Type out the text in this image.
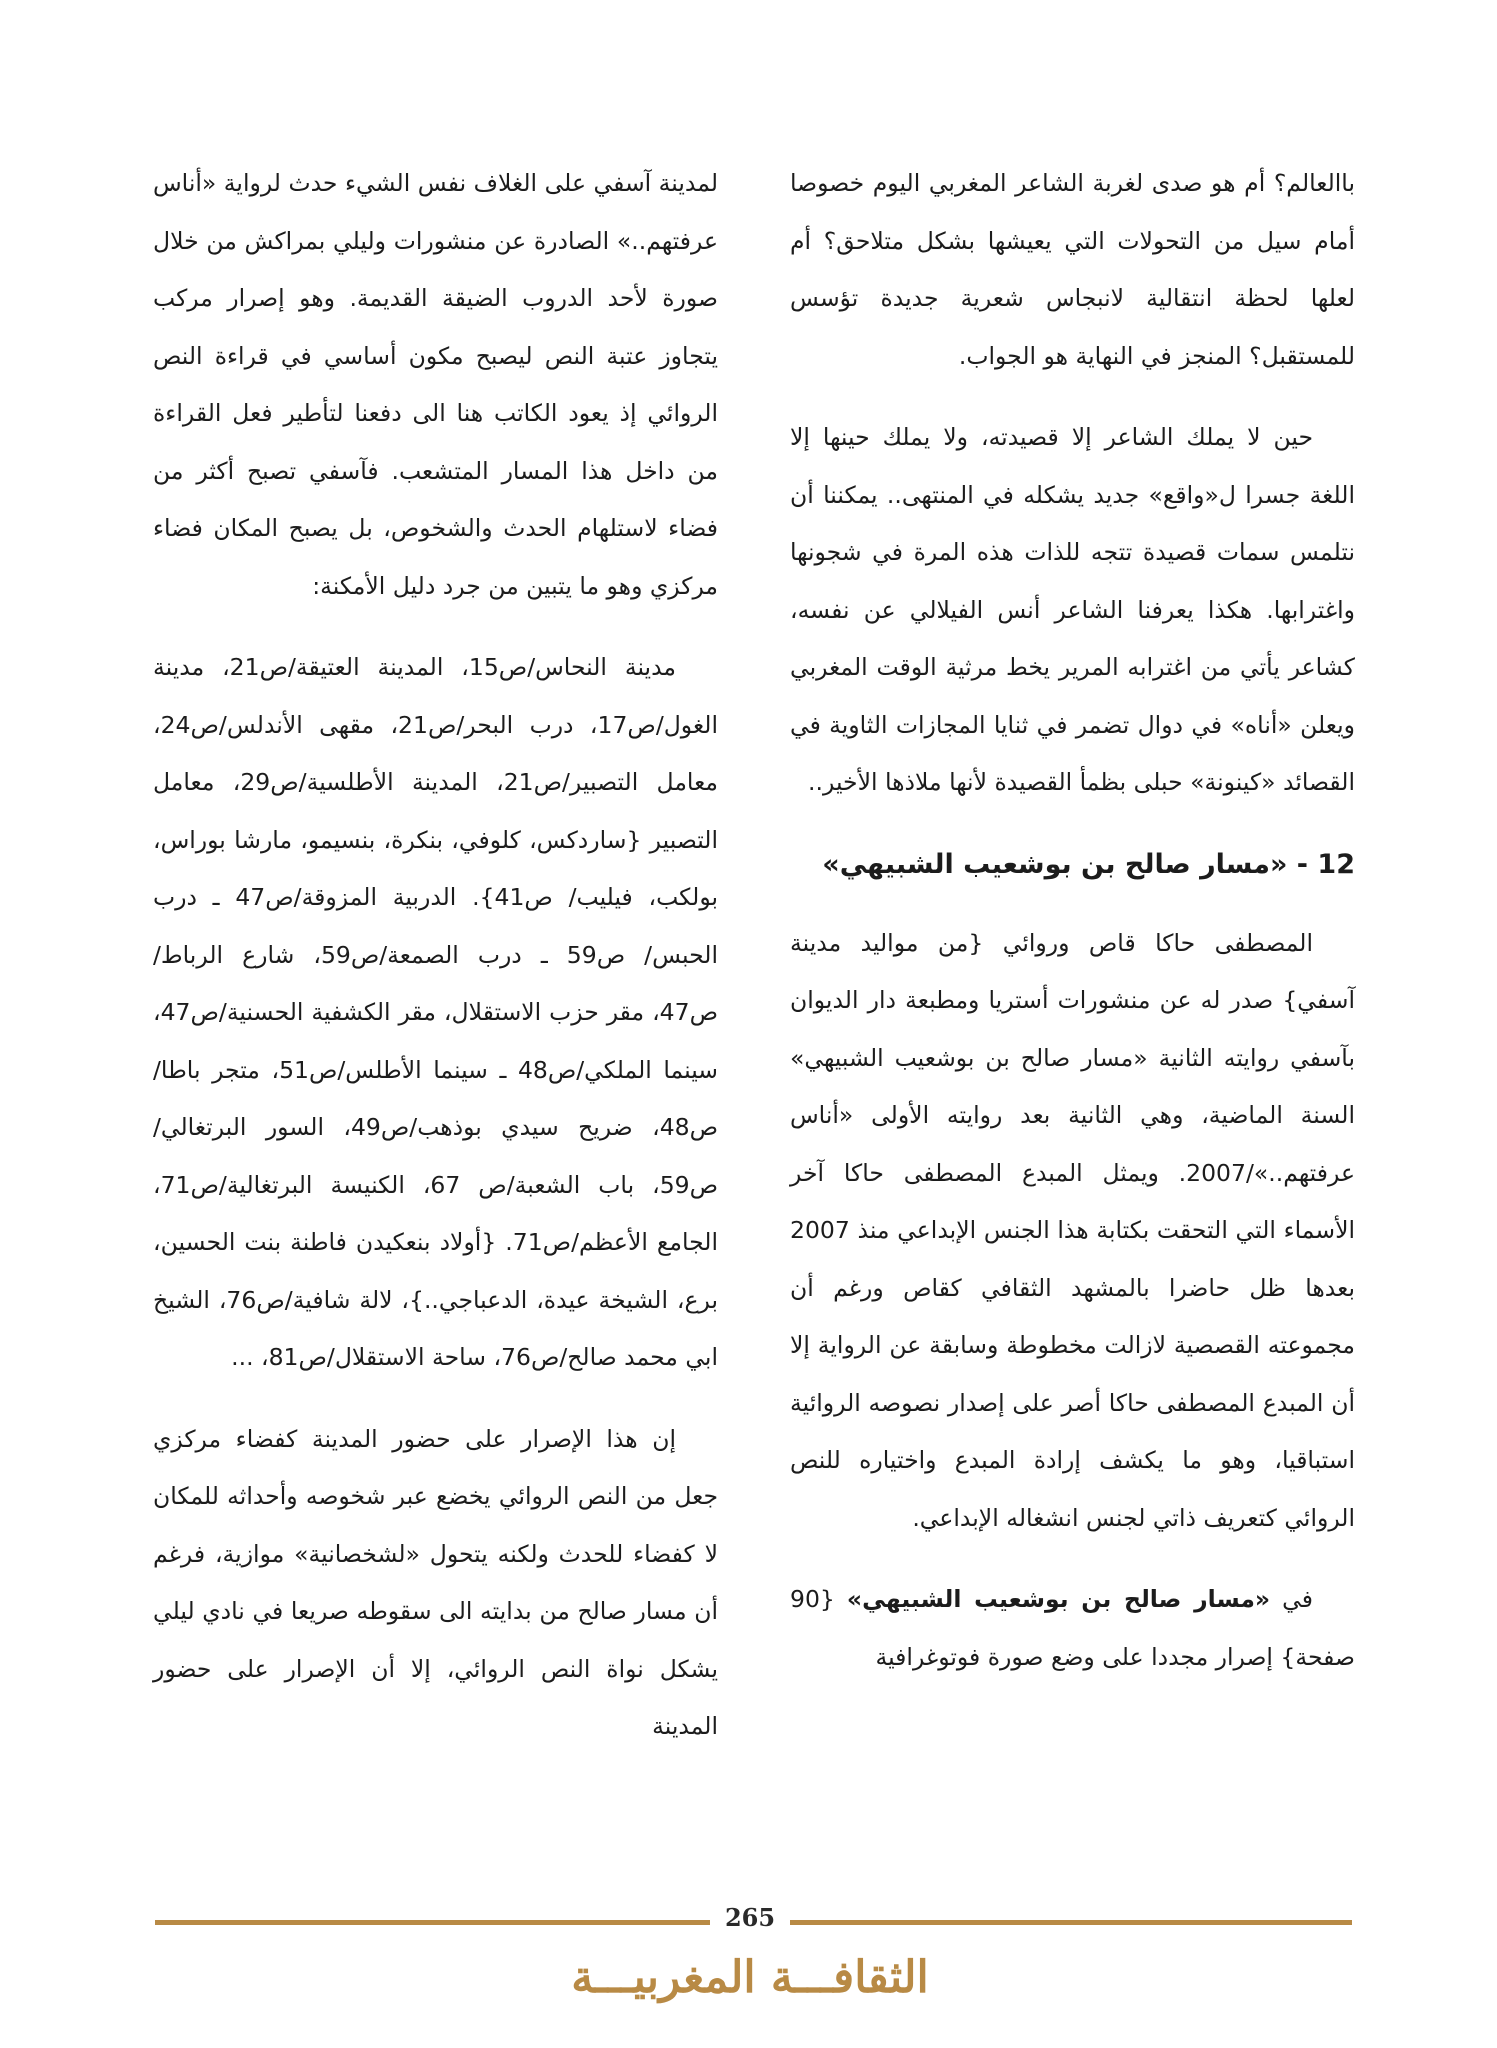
باالعالم؟ أم هو صدى لغربة الشاعر المغربي اليوم خصوصا أمام سيل من التحولات التي يعيشها بشكل متلاحق؟ أم لعلها لحظة انتقالية لانبجاس شعرية جديدة تؤسس للمستقبل؟ المنجز في النهاية هو الجواب.

حين لا يملك الشاعر إلا قصيدته، ولا يملك حينها إلا اللغة جسرا ل«واقع» جديد يشكله في المنتهى.. يمكننا أن نتلمس سمات قصيدة تتجه للذات هذه المرة في شجونها واغترابها. هكذا يعرفنا الشاعر أنس الفيلالي عن نفسه، كشاعر يأتي من اغترابه المرير يخط مرثية الوقت المغربي ويعلن «أناه» في دوال تضمر في ثنايا المجازات الثاوية في القصائد «كينونة» حبلى بظمأ القصيدة لأنها ملاذها الأخير..

12 - «مسار صالح بن بوشعيب الشبيهي»

المصطفى حاكا قاص وروائي {من مواليد مدينة آسفي} صدر له عن منشورات أستريا ومطبعة دار الديوان بآسفي روايته الثانية «مسار صالح بن بوشعيب الشبيهي» السنة الماضية، وهي الثانية بعد روايته الأولى «أناس عرفتهم..»/2007. ويمثل المبدع المصطفى حاكا آخر الأسماء التي التحقت بكتابة هذا الجنس الإبداعي منذ 2007 بعدها ظل حاضرا بالمشهد الثقافي كقاص ورغم أن مجموعته القصصية لازالت مخطوطة وسابقة عن الرواية إلا أن المبدع المصطفى حاكا أصر على إصدار نصوصه الروائية استباقيا، وهو ما يكشف إرادة المبدع واختياره للنص الروائي كتعريف ذاتي لجنس انشغاله الإبداعي.

في «مسار صالح بن بوشعيب الشبيهي» {90 صفحة} إصرار مجددا على وضع صورة فوتوغرافية

لمدينة آسفي على الغلاف نفس الشيء حدث لرواية «أناس عرفتهم..» الصادرة عن منشورات وليلي بمراكش من خلال صورة لأحد الدروب الضيقة القديمة. وهو إصرار مركب يتجاوز عتبة النص ليصبح مكون أساسي في قراءة النص الروائي إذ يعود الكاتب هنا الى دفعنا لتأطير فعل القراءة من داخل هذا المسار المتشعب. فآسفي تصبح أكثر من فضاء لاستلهام الحدث والشخوص، بل يصبح المكان فضاء مركزي وهو ما يتبين من جرد دليل الأمكنة:

مدينة النحاس/ص15، المدينة العتيقة/ص21، مدينة الغول/ص17، درب البحر/ص21، مقهى الأندلس/ص24، معامل التصبير/ص21، المدينة الأطلسية/ص29، معامل التصبير {ساردكس، كلوفي، بنكرة، بنسيمو، مارشا بوراس، بولكب، فيليب/ ص41}. الدربية المزوقة/ص47 ـ درب الحبس/ ص59 ـ درب الصمعة/ص59، شارع الرباط/ ص47، مقر حزب الاستقلال، مقر الكشفية الحسنية/ص47، سينما الملكي/ص48 ـ سينما الأطلس/ص51، متجر باطا/ص48، ضريح سيدي بوذهب/ص49، السور البرتغالي/ص59، باب الشعبة/ص 67، الكنيسة البرتغالية/ص71، الجامع الأعظم/ص71. {أولاد بنعكيدن فاطنة بنت الحسين، برع، الشيخة عيدة، الدعباجي..}، لالة شافية/ص76، الشيخ ابي محمد صالح/ص76، ساحة الاستقلال/ص81، ...

إن هذا الإصرار على حضور المدينة كفضاء مركزي جعل من النص الروائي يخضع عبر شخوصه وأحداثه للمكان لا كفضاء للحدث ولكنه يتحول «لشخصانية» موازية، فرغم أن مسار صالح من بدايته الى سقوطه صريعا في نادي ليلي يشكل نواة النص الروائي، إلا أن الإصرار على حضور المدينة

265
الثقافـــة المغربيـــة
